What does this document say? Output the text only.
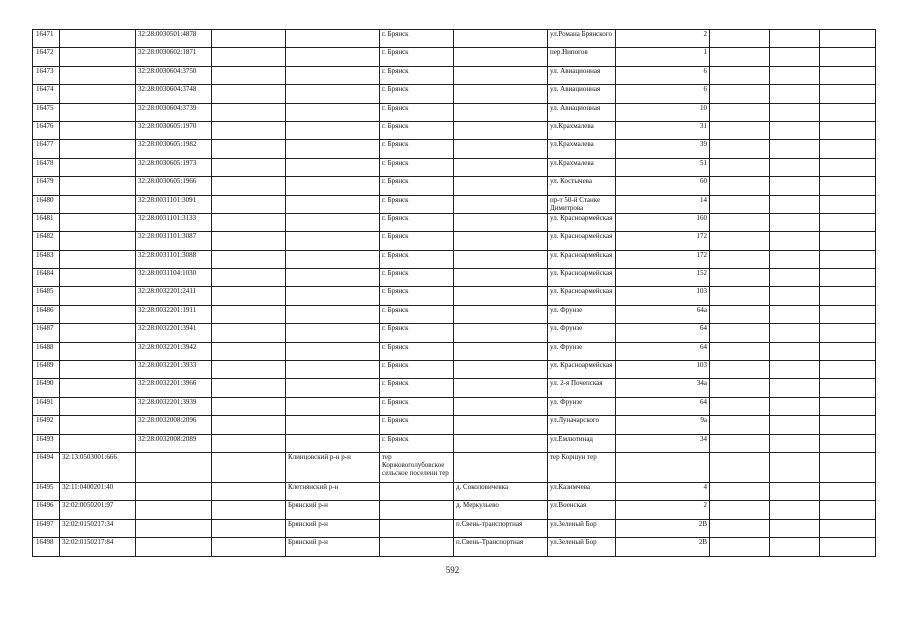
16471		32:28:0030501:4878			г. Брянск		ул.Романа Брянского	2			
16472		32:28:0030602:1871			г. Брянск		пер.Нипогов	1			
16473		32:28:0030604:3750			г. Брянск		ул. Авиационная	6			
16474		32:28:0030604:3748			г. Брянск		ул. Авиационная	6			
16475		32:28:0030604:3739			г. Брянск		ул. Авиационная	10			
16476		32:28:0030605:1970			г. Брянск		ул.Крахмалева	31			
16477		32:28:0030605:1982			г. Брянск		ул.Крахмалева	39			
16478		32:28:0030605:1973			г. Брянск		ул.Крахмалева	51			
16479		32:28:0030605:1966			г. Брянск		ул. Костычева	60			
16480		32:28:0031101:3091			г. Брянск		пр-т 50-й Станке Димитрова	14			
16481		32:28:0031101:3133			г. Брянск		ул. Красноармейская	160			
16482		32:28:0031101:3087			г. Брянск		ул. Красноармейская	172			
16483		32:28:0031101:3088			г. Брянск		ул. Красноармейская	172			
16484		32:28:0031104:1030			г. Брянск		ул. Красноармейская	152			
16485		32:28:0032201:2411			г. Брянск		ул. Красноармейская	103			
16486		32:28:0032201:1911			г. Брянск		ул. Фрунзе	64а			
16487		32:28:0032201:3941			г. Брянск		ул. Фрунзе	64			
16488		32:28:0032201:3942			г. Брянск		ул. Фрунзе	64			
16489		32:28:0032201:3933			г. Брянск		ул. Красноармейская	103			
16490		32:28:0032201:3966			г. Брянск		ул. 2-я Почепская	34а			
16491		32:28:0032201:3939			г. Брянск		ул. Фрунзе	64			
16492		32:28:0032008:2096			г. Брянск		ул.Луначарского	9а			
16493		32:28:0032008:2089			г. Брянск		ул.Емлютинад	34			
16494	32:13:0503001:666			Клинцовский р-н р-н	тер Коржовоголубовское сельское поселени тер		тер Коршун тер				
16495	32:11:0400201:40			Клетнянский р-н		д. Соколовичевка	ул.Казимчева	4			
16496	32:02:0050201:97			Брянский р-н		д. Меркульево	ул.Военская	2			
16497	32:02:0150217:34			Брянский р-н		п.Свень-транспортная	ул.Зеленый Бор	2В			
16498	32:02:0150217:84			Брянский р-н		п.Свень-Транспортная	ул.Зеленый Бор	2В			
592
